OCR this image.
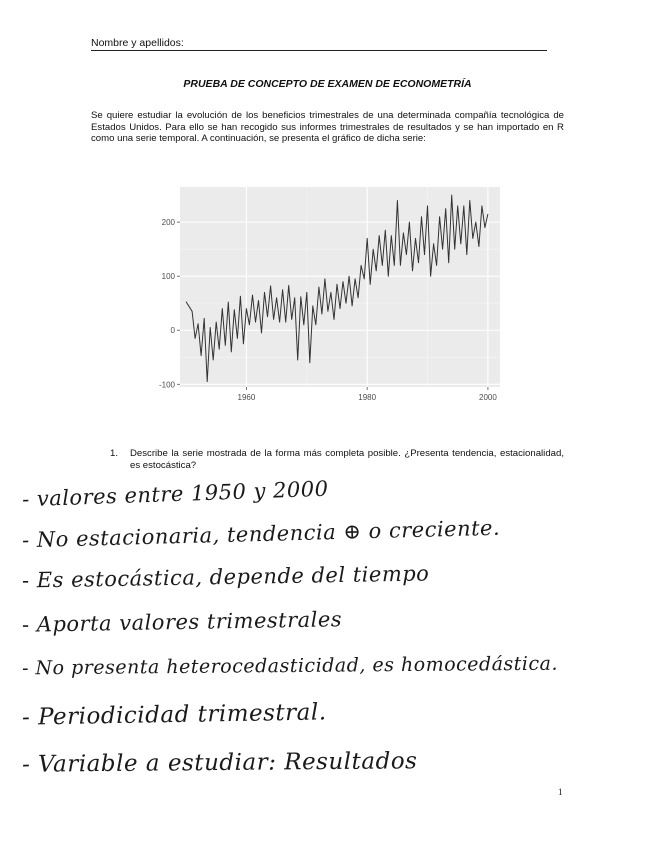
Nombre y apellidos:
PRUEBA DE CONCEPTO DE EXAMEN DE ECONOMETRÍA

Se quiere estudiar la evolución de los beneficios trimestrales de una determinada compañía tecnológica de Estados Unidos. Para ello se han recogido sus informes trimestrales de resultados y se han importado en R como una serie temporal. A continuación, se presenta el gráfico de dicha serie:

-100
0
100
200
1960	1980	2000
1. Describe la serie mostrada de la forma más completa posible. ¿Presenta tendencia, estacionalidad, es estocástica?
- valores entre 1950 y 2000
- No estacionaria, tendencia ⊕ o creciente.
- Es estocástica, depende del tiempo
- Aporta valores trimestrales
- No presenta heterocedasticidad, es homocedástica.
- Periodicidad trimestral.
- Variable a estudiar: Resultados
1
